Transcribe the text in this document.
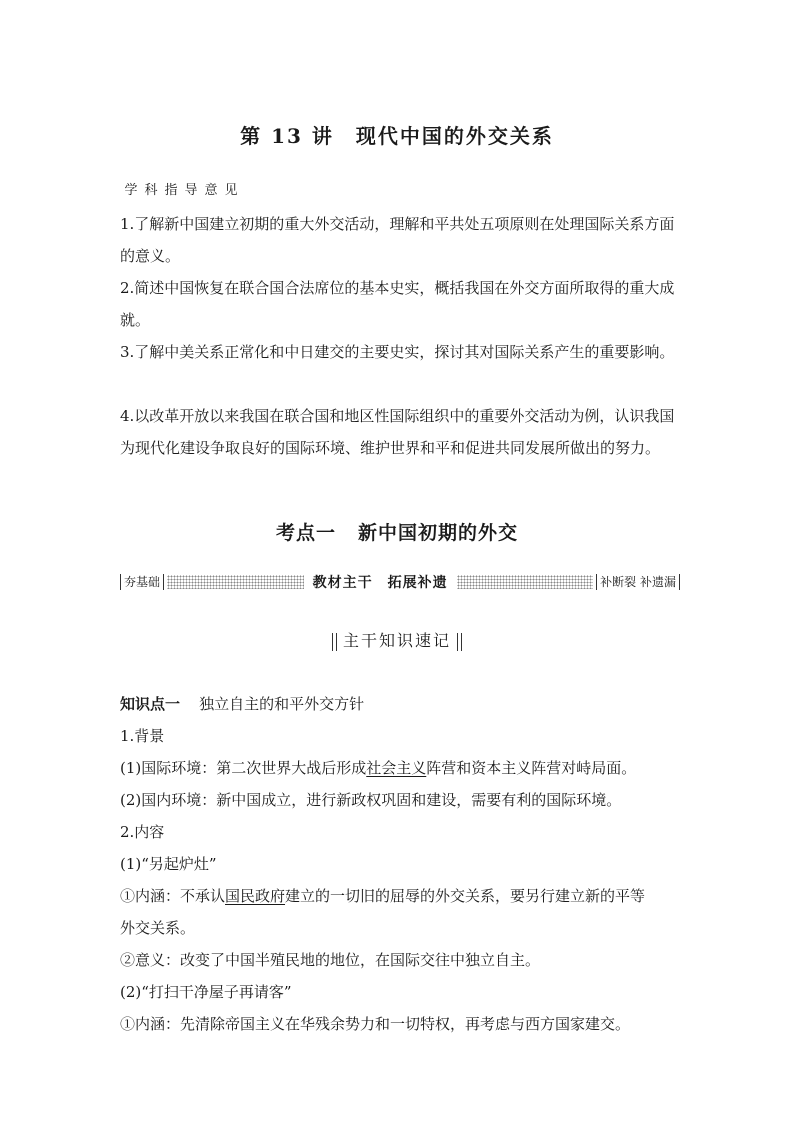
第 13 讲 现代中国的外交关系
学 科 指 导 意 见
1.了解新中国建立初期的重大外交活动，理解和平共处五项原则在处理国际关系方面的意义。
2.简述中国恢复在联合国合法席位的基本史实，概括我国在外交方面所取得的重大成就。
3.了解中美关系正常化和中日建交的主要史实，探讨其对国际关系产生的重要影响。
4.以改革开放以来我国在联合国和地区性国际组织中的重要外交活动为例，认识我国为现代化建设争取良好的国际环境、维护世界和平和促进共同发展所做出的努力。
考点一 新中国初期的外交
夯基础	教材主干　拓展补遗	补断裂 补遗漏
主干知识速记
知识点一 独立自主的和平外交方针
1.背景
(1)国际环境：第二次世界大战后形成社会主义阵营和资本主义阵营对峙局面。
(2)国内环境：新中国成立，进行新政权巩固和建设，需要有利的国际环境。
2.内容
(1)“另起炉灶”
①内涵：不承认国民政府建立的一切旧的屈辱的外交关系，要另行建立新的平等
外交关系。
②意义：改变了中国半殖民地的地位，在国际交往中独立自主。
(2)“打扫干净屋子再请客”
①内涵：先清除帝国主义在华残余势力和一切特权，再考虑与西方国家建交。
